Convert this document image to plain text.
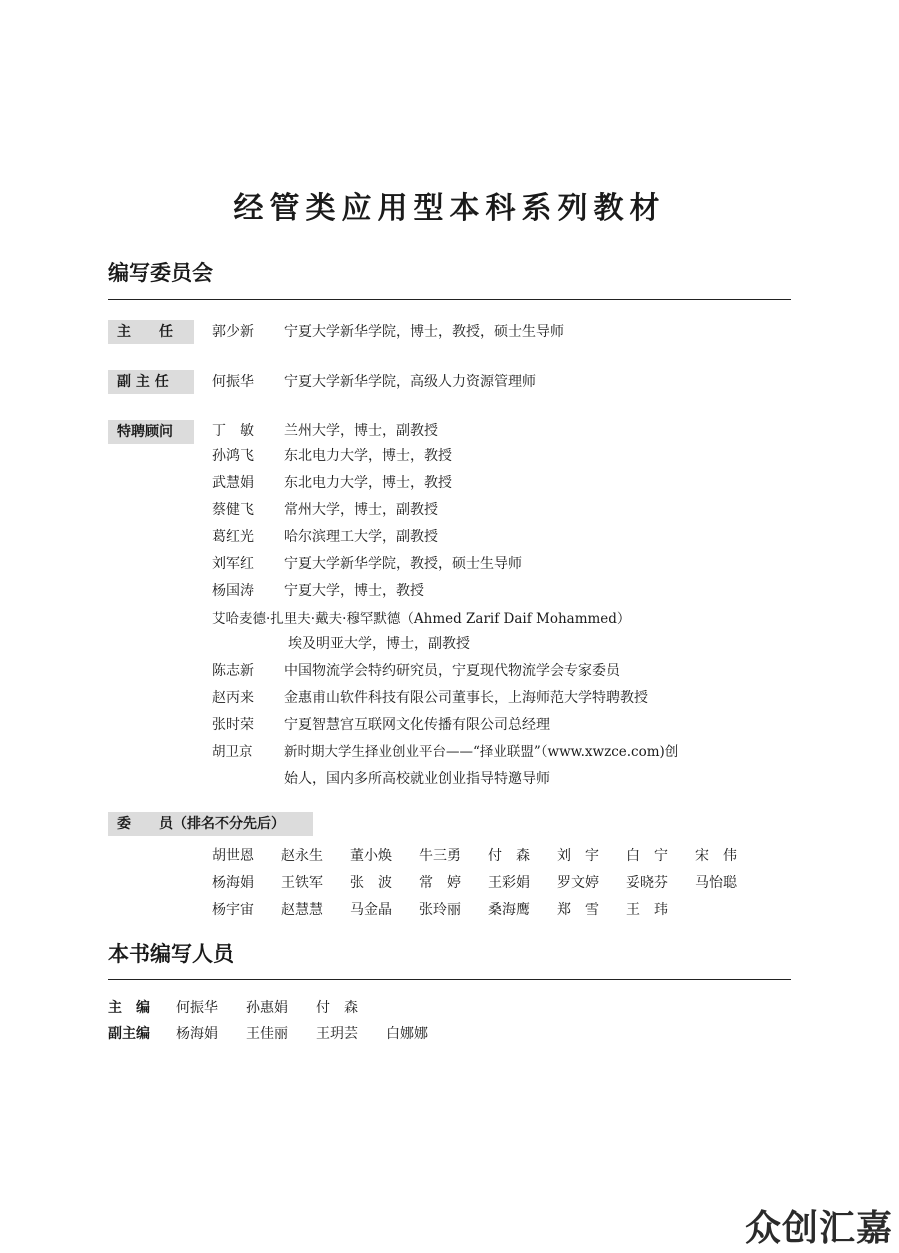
经管类应用型本科系列教材
编写委员会
主　　任	郭少新 宁夏大学新华学院，博士，教授，硕士生导师
副 主 任	何振华 宁夏大学新华学院，高级人力资源管理师
特聘顾问	丁　敏 兰州大学，博士，副教授
孙鸿飞 东北电力大学，博士，教授
武慧娟 东北电力大学，博士，教授
蔡健飞 常州大学，博士，副教授
葛红光 哈尔滨理工大学，副教授
刘军红 宁夏大学新华学院，教授，硕士生导师
杨国涛 宁夏大学，博士，教授
艾哈麦德·扎里夫·戴夫·穆罕默德（Ahmed Zarif Daif Mohammed）
埃及明亚大学，博士，副教授
陈志新 中国物流学会特约研究员，宁夏现代物流学会专家委员
赵丙来 金惠甫山软件科技有限公司董事长，上海师范大学特聘教授
张时荣 宁夏智慧宫互联网文化传播有限公司总经理
胡卫京 新时期大学生择业创业平台——“择业联盟”（www.xwzce.com)创
始人，国内多所高校就业创业指导特邀导师
委　　员（排名不分先后）
胡世恩 赵永生 董小焕 牛三勇 付　森 刘　宇 白　宁 宋　伟
杨海娟 王铁军 张　波 常　婷 王彩娟 罗文婷 妥晓芬 马怡聪
杨宇宙 赵慧慧 马金晶 张玲丽 桑海鹰 郑　雪 王　玮
本书编写人员
主　编 何振华 孙惠娟 付　森
副主编 杨海娟 王佳丽 王玥芸 白娜娜
众创汇嘉
